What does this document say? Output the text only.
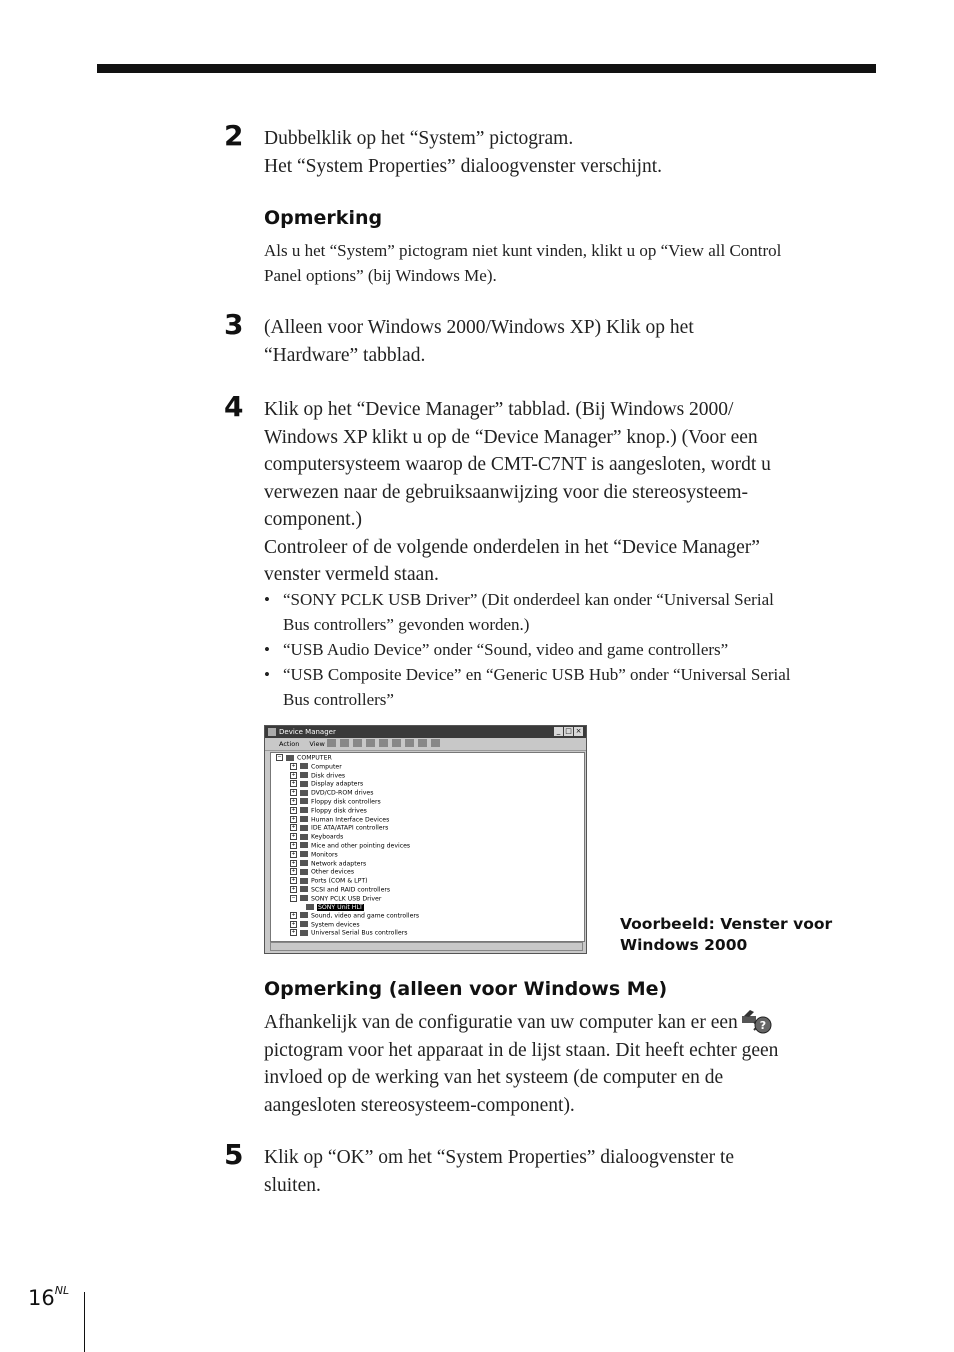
2 Dubbelklik op het “System” pictogram.

Het “System Properties” dialoogvenster verschijnt.

Opmerking
Als u het “System” pictogram niet kunt vinden, klikt u op “View all Control
Panel options” (bij Windows Me).
3 (Alleen voor Windows 2000/Windows XP) Klik op het

“Hardware” tabblad.

4 Klik op het “Device Manager” tabblad. (Bij Windows 2000/

Windows XP klikt u op de “Device Manager” knop.) (Voor een

computersysteem waarop de CMT-C7NT is aangesloten, wordt u

verwezen naar de gebruiksaanwijzing voor die stereosysteem-

component.)

Controleer of de volgende onderdelen in het “Device Manager”

venster vermeld staan.

• “SONY PCLK USB Driver” (Dit onderdeel kan onder “Universal Serial
Bus controllers” gevonden worden.)
• “USB Audio Device” onder “Sound, video and game controllers”
• “USB Composite Device” en “Generic USB Hub” onder “Universal Serial
Bus controllers”
Device Manager	_ □ ×
Action View
− COMPUTER
+ Computer
+ Disk drives
+ Display adapters
+ DVD/CD-ROM drives
+ Floppy disk controllers
+ Floppy disk drives
+ Human Interface Devices
+ IDE ATA/ATAPI controllers
+ Keyboards
+ Mice and other pointing devices
+ Monitors
+ Network adapters
+ Other devices
+ Ports (COM & LPT)
+ SCSI and RAID controllers
− SONY PCLK USB Driver
SONY Unit HLT
+ Sound, video and game controllers
+ System devices
+ Universal Serial Bus controllers
Voorbeeld: Venster voor
Windows 2000
Opmerking (alleen voor Windows Me)

Afhankelijk van de configuratie van uw computer kan er een ?

pictogram voor het apparaat in de lijst staan. Dit heeft echter geen

invloed op de werking van het systeem (de computer en de

aangesloten stereosysteem-component).

5 Klik op “OK” om het “System Properties” dialoogvenster te

sluiten.

$16^{NL}$
